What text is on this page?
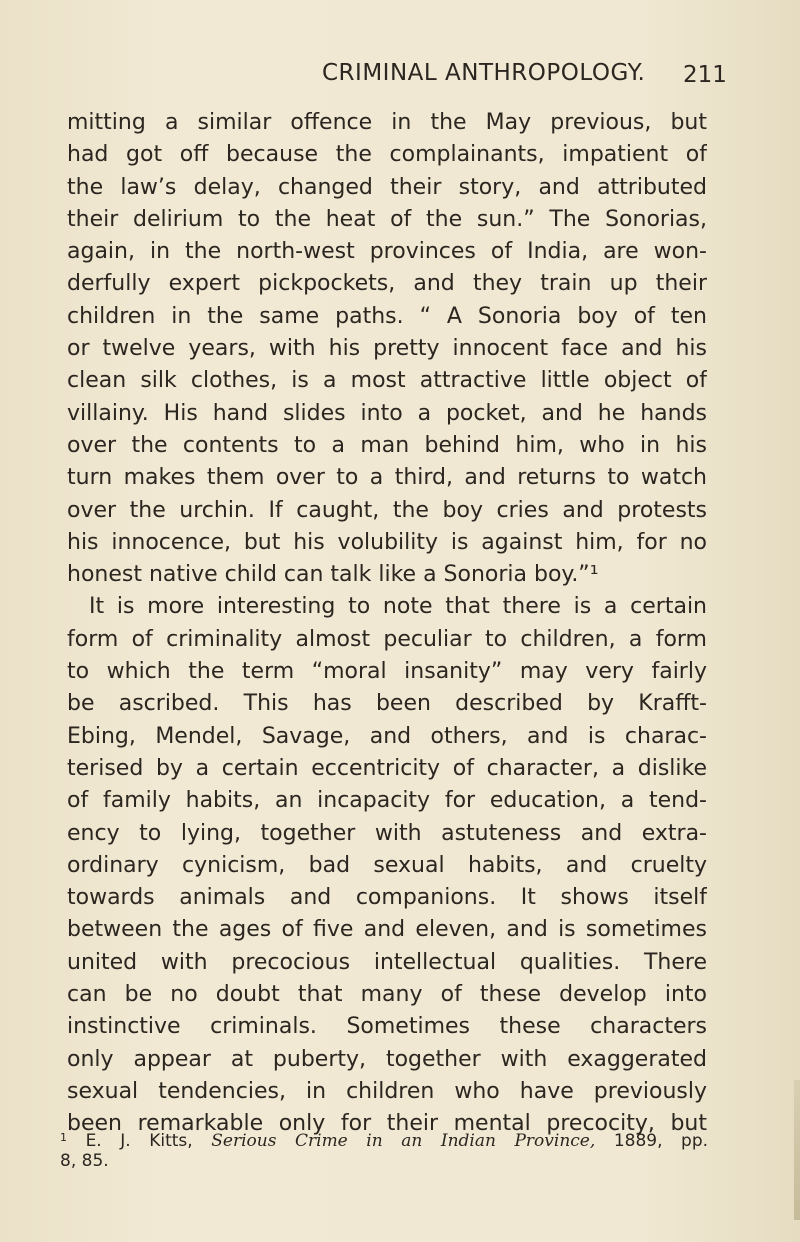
CRIMINAL ANTHROPOLOGY. 211
mitting a similar offence in the May previous, but
had got off because the complainants, impatient of
the law’s delay, changed their story, and attributed
their delirium to the heat of the sun.” The Sonorias,
again, in the north-west provinces of India, are won-
derfully expert pickpockets, and they train up their
children in the same paths. “ A Sonoria boy of ten
or twelve years, with his pretty innocent face and his
clean silk clothes, is a most attractive little object of
villainy. His hand slides into a pocket, and he hands
over the contents to a man behind him, who in his
turn makes them over to a third, and returns to watch
over the urchin. If caught, the boy cries and protests
his innocence, but his volubility is against him, for no
honest native child can talk like a Sonoria boy.”¹
It is more interesting to note that there is a certain
form of criminality almost peculiar to children, a form
to which the term “moral insanity” may very fairly
be ascribed. This has been described by Krafft-
Ebing, Mendel, Savage, and others, and is charac-
terised by a certain eccentricity of character, a dislike
of family habits, an incapacity for education, a tend-
ency to lying, together with astuteness and extra-
ordinary cynicism, bad sexual habits, and cruelty
towards animals and companions. It shows itself
between the ages of five and eleven, and is sometimes
united with precocious intellectual qualities. There
can be no doubt that many of these develop into
instinctive criminals. Sometimes these characters
only appear at puberty, together with exaggerated
sexual tendencies, in children who have previously
been remarkable only for their mental precocity, but
$^1$ E. J. Kitts, Serious Crime in an Indian Province, 1889, pp.
8, 85.
